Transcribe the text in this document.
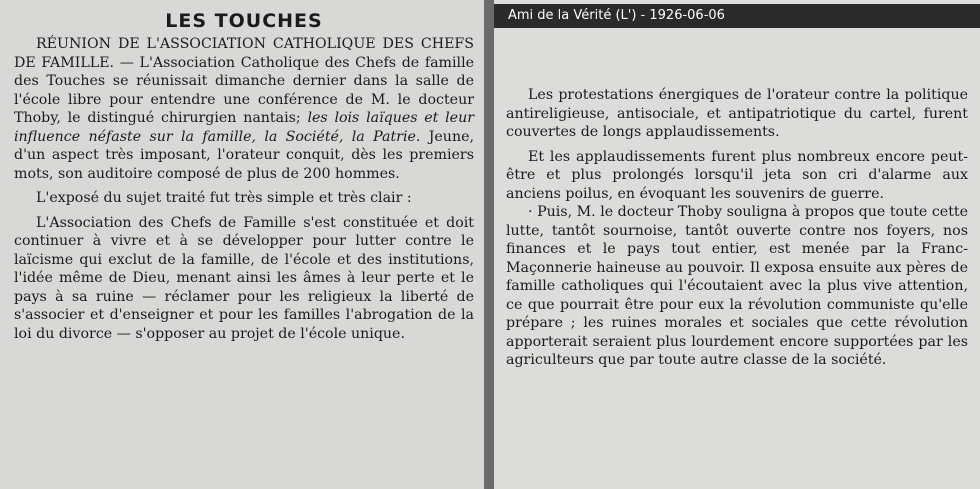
LES TOUCHES

RÉUNION DE L'ASSOCIATION CATHOLIQUE DES CHEFS DE FAMILLE. — L'Association Catholique des Chefs de famille des Touches se réunissait dimanche dernier dans la salle de l'école libre pour entendre une conférence de M. le docteur Thoby, le distingué chirurgien nantais; les lois laïques et leur influence néfaste sur la famille, la Société, la Patrie. Jeune, d'un aspect très imposant, l'orateur conquit, dès les premiers mots, son auditoire composé de plus de 200 hommes.

L'exposé du sujet traité fut très simple et très clair :

L'Association des Chefs de Famille s'est constituée et doit continuer à vivre et à se développer pour lutter contre le laïcisme qui exclut de la famille, de l'école et des institutions, l'idée même de Dieu, menant ainsi les âmes à leur perte et le pays à sa ruine — réclamer pour les religieux la liberté de s'associer et d'enseigner et pour les familles l'abrogation de la loi du divorce — s'opposer au projet de l'école unique.

Ami de la Vérité (L') - 1926-06-06

Les protestations énergiques de l'orateur contre la politique antireligieuse, antisociale, et antipatriotique du cartel, furent couvertes de longs applaudissements.

Et les applaudissements furent plus nombreux encore peut-être et plus prolongés lorsqu'il jeta son cri d'alarme aux anciens poilus, en évoquant les souvenirs de guerre.

· Puis, M. le docteur Thoby souligna à propos que toute cette lutte, tantôt sournoise, tantôt ouverte contre nos foyers, nos finances et le pays tout entier, est menée par la Franc-Maçonnerie haineuse au pouvoir. Il exposa ensuite aux pères de famille catholiques qui l'écoutaient avec la plus vive attention, ce que pourrait être pour eux la révolution communiste qu'elle prépare ; les ruines morales et sociales que cette révolution apporterait seraient plus lourdement encore supportées par les agriculteurs que par toute autre classe de la société.
